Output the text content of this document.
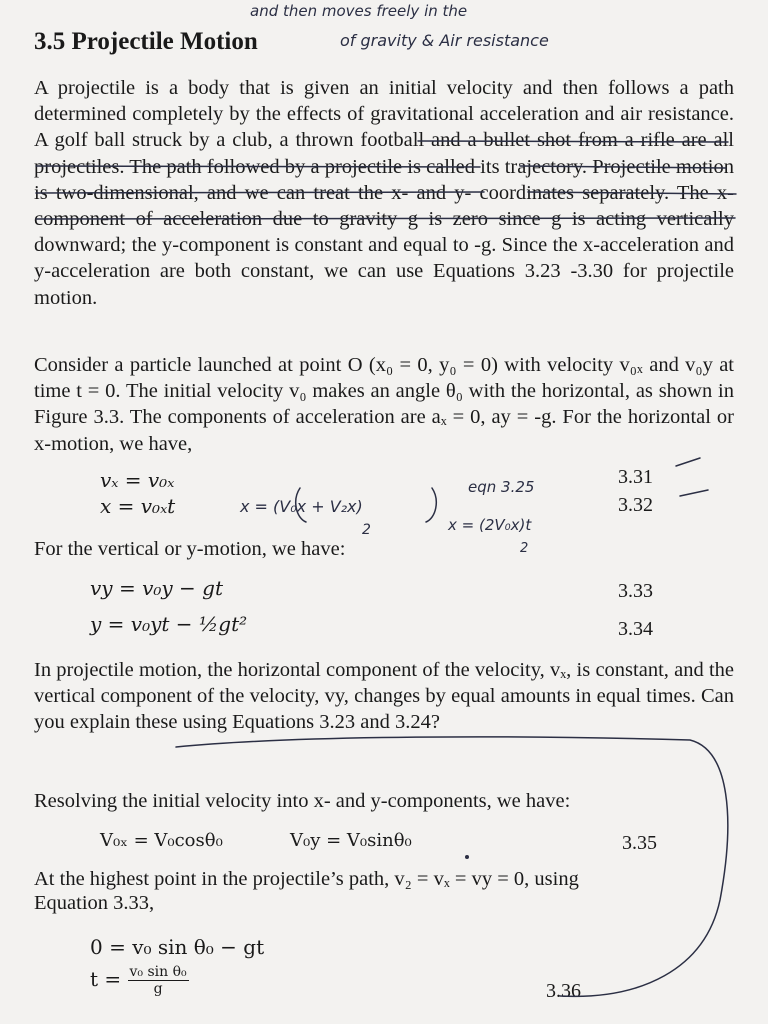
3.5 Projectile Motion
A projectile is a body that is given an initial velocity and then follows a path determined completely by the effects of gravitational acceleration and air resistance. A golf ball struck by a club, a thrown football and a bullet shot from a rifle are all projectiles. The path followed by a projectile is called its trajectory. Projectile motion is two-dimensional, and we can treat the x- and y- coordinates separately. The x-component of acceleration due to gravity g is zero since g is acting vertically downward; the y-component is constant and equal to -g. Since the x-acceleration and y-acceleration are both constant, we can use Equations 3.23 -3.30 for projectile motion.
Consider a particle launched at point O (x₀ = 0, y₀ = 0) with velocity v₀ₓ and v₀y at time t = 0. The initial velocity v₀ makes an angle θ₀ with the horizontal, as shown in Figure 3.3. The components of acceleration are aₓ = 0, ay = -g. For the horizontal or x-motion, we have,
vₓ = v₀ₓ	3.31
x = v₀ₓt	3.32
For the vertical or y-motion, we have:
vy = v₀y − gt	3.33
y = v₀yt − ½gt²	3.34
In projectile motion, the horizontal component of the velocity, vₓ, is constant, and the vertical component of the velocity, vy, changes by equal amounts in equal times. Can you explain these using Equations 3.23 and 3.24?
Resolving the initial velocity into x- and y-components, we have:
V₀ₓ = V₀cosθ₀	V₀y = V₀sinθ₀	3.35
At the highest point in the projectile’s path, v₂ = vₓ = vy = 0, using
Equation 3.33,
0 = v₀ sin θ₀ − gt
$t = \frac{\text{v₀ sin θ₀}}{g}$	3.36
and then moves freely in the
of gravity & Air resistance
x = (V₀x + V₂x)
2
eqn 3.25
x = (2V₀x)t
2
